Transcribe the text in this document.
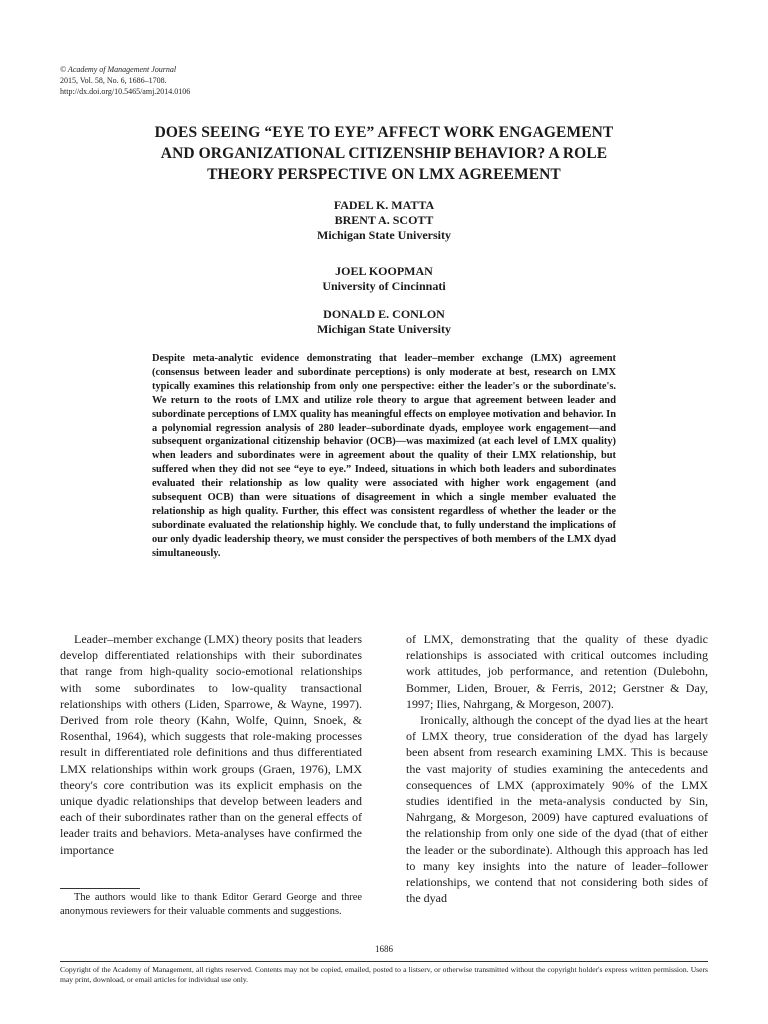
© Academy of Management Journal
2015, Vol. 58, No. 6, 1686–1708.
http://dx.doi.org/10.5465/amj.2014.0106
DOES SEEING “EYE TO EYE” AFFECT WORK ENGAGEMENT
AND ORGANIZATIONAL CITIZENSHIP BEHAVIOR? A ROLE
THEORY PERSPECTIVE ON LMX AGREEMENT
FADEL K. MATTA
BRENT A. SCOTT
Michigan State University
JOEL KOOPMAN
University of Cincinnati
DONALD E. CONLON
Michigan State University

Despite meta-analytic evidence demonstrating that leader–member exchange (LMX) agreement (consensus between leader and subordinate perceptions) is only moderate at best, research on LMX typically examines this relationship from only one perspective: either the leader's or the subordinate's. We return to the roots of LMX and utilize role theory to argue that agreement between leader and subordinate perceptions of LMX quality has meaningful effects on employee motivation and behavior. In a polynomial regression analysis of 280 leader–subordinate dyads, employee work engagement—and subsequent organizational citizenship behavior (OCB)—was maximized (at each level of LMX quality) when leaders and subordinates were in agreement about the quality of their LMX relationship, but suffered when they did not see “eye to eye.” Indeed, situations in which both leaders and subordinates evaluated their relationship as low quality were associated with higher work engagement (and subsequent OCB) than were situations of disagreement in which a single member evaluated the relationship as high quality. Further, this effect was consistent regardless of whether the leader or the subordinate evaluated the relationship highly. We conclude that, to fully understand the implications of our only dyadic leadership theory, we must consider the perspectives of both members of the LMX dyad simultaneously.

Leader–member exchange (LMX) theory posits that leaders develop differentiated relationships with their subordinates that range from high-quality socio-emotional relationships with some subordinates to low-quality transactional relationships with others (Liden, Sparrowe, & Wayne, 1997). Derived from role theory (Kahn, Wolfe, Quinn, Snoek, & Rosenthal, 1964), which suggests that role-making processes result in differentiated role definitions and thus differentiated LMX relationships within work groups (Graen, 1976), LMX theory's core contribution was its explicit emphasis on the unique dyadic relationships that develop between leaders and each of their subordinates rather than on the general effects of leader traits and behaviors. Meta-analyses have confirmed the importance

of LMX, demonstrating that the quality of these dyadic relationships is associated with critical outcomes including work attitudes, job performance, and retention (Dulebohn, Bommer, Liden, Brouer, & Ferris, 2012; Gerstner & Day, 1997; Ilies, Nahrgang, & Morgeson, 2007).

Ironically, although the concept of the dyad lies at the heart of LMX theory, true consideration of the dyad has largely been absent from research examining LMX. This is because the vast majority of studies examining the antecedents and consequences of LMX (approximately 90% of the LMX studies identified in the meta-analysis conducted by Sin, Nahrgang, & Morgeson, 2009) have captured evaluations of the relationship from only one side of the dyad (that of either the leader or the subordinate). Although this approach has led to many key insights into the nature of leader–follower relationships, we contend that not considering both sides of the dyad

The authors would like to thank Editor Gerard George and three anonymous reviewers for their valuable comments and suggestions.

1686

Copyright of the Academy of Management, all rights reserved. Contents may not be copied, emailed, posted to a listserv, or otherwise transmitted without the copyright holder's express written permission. Users may print, download, or email articles for individual use only.
